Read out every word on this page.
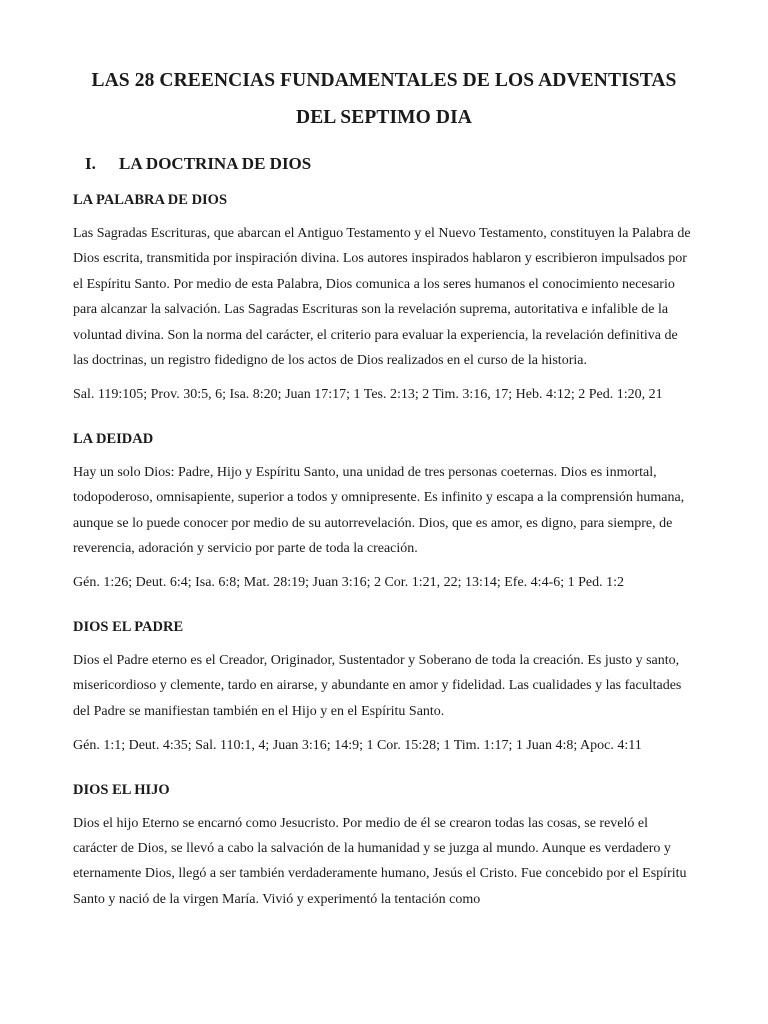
LAS 28 CREENCIAS FUNDAMENTALES DE LOS ADVENTISTAS
DEL SEPTIMO DIA
I.	LA DOCTRINA DE DIOS
LA PALABRA DE DIOS

Las Sagradas Escrituras, que abarcan el Antiguo Testamento y el Nuevo Testamento, constituyen la Palabra de Dios escrita, transmitida por inspiración divina. Los autores inspirados hablaron y escribieron impulsados por el Espíritu Santo. Por medio de esta Palabra, Dios comunica a los seres humanos el conocimiento necesario para alcanzar la salvación. Las Sagradas Escrituras son la revelación suprema, autoritativa e infalible de la voluntad divina. Son la norma del carácter, el criterio para evaluar la experiencia, la revelación definitiva de las doctrinas, un registro fidedigno de los actos de Dios realizados en el curso de la historia.

Sal. 119:105; Prov. 30:5, 6; Isa. 8:20; Juan 17:17; 1 Tes. 2:13; 2 Tim. 3:16, 17; Heb. 4:12; 2 Ped. 1:20, 21

LA DEIDAD

Hay un solo Dios: Padre, Hijo y Espíritu Santo, una unidad de tres personas coeternas. Dios es inmortal, todopoderoso, omnisapiente, superior a todos y omnipresente. Es infinito y escapa a la comprensión humana, aunque se lo puede conocer por medio de su autorrevelación. Dios, que es amor, es digno, para siempre, de reverencia, adoración y servicio por parte de toda la creación.

Gén. 1:26; Deut. 6:4; Isa. 6:8; Mat. 28:19; Juan 3:16; 2 Cor. 1:21, 22; 13:14; Efe. 4:4-6; 1 Ped. 1:2

DIOS EL PADRE

Dios el Padre eterno es el Creador, Originador, Sustentador y Soberano de toda la creación. Es justo y santo, misericordioso y clemente, tardo en airarse, y abundante en amor y fidelidad. Las cualidades y las facultades del Padre se manifiestan también en el Hijo y en el Espíritu Santo.

Gén. 1:1; Deut. 4:35; Sal. 110:1, 4; Juan 3:16; 14:9; 1 Cor. 15:28; 1 Tim. 1:17; 1 Juan 4:8; Apoc. 4:11

DIOS EL HIJO

Dios el hijo Eterno se encarnó como Jesucristo. Por medio de él se crearon todas las cosas, se reveló el carácter de Dios, se llevó a cabo la salvación de la humanidad y se juzga al mundo. Aunque es verdadero y eternamente Dios, llegó a ser también verdaderamente humano, Jesús el Cristo. Fue concebido por el Espíritu Santo y nació de la virgen María. Vivió y experimentó la tentación como
